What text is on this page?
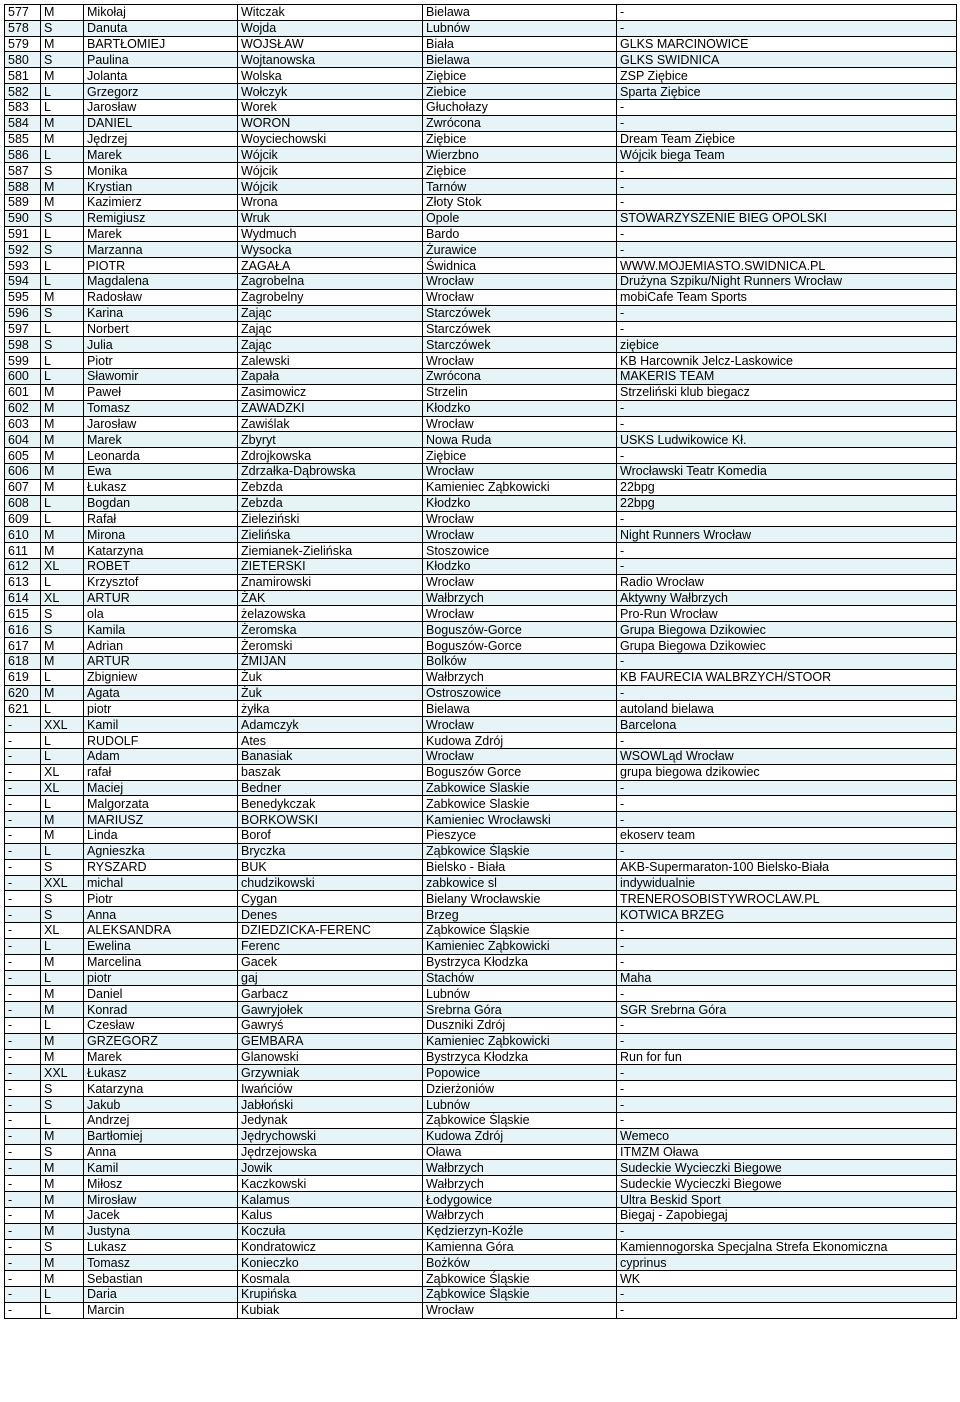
577	M	Mikołaj	Witczak	Bielawa	-
578	S	Danuta	Wojda	Lubnów	-
579	M	BARTŁOMIEJ	WOJSŁAW	Biała	GLKS MARCINOWICE
580	S	Paulina	Wojtanowska	Bielawa	GLKS SWIDNICA
581	M	Jolanta	Wolska	Ziębice	ZSP Ziębice
582	L	Grzegorz	Wołczyk	Ziebice	Sparta Ziębice
583	L	Jarosław	Worek	Głuchołazy	-
584	M	DANIEL	WORON	Zwrócona	-
585	M	Jędrzej	Woyciechowski	Ziębice	Dream Team Ziębice
586	L	Marek	Wójcik	Wierzbno	Wójcik biega Team
587	S	Monika	Wójcik	Ziębice	-
588	M	Krystian	Wójcik	Tarnów	-
589	M	Kazimierz	Wrona	Złoty Stok	-
590	S	Remigiusz	Wruk	Opole	STOWARZYSZENIE BIEG OPOLSKI
591	L	Marek	Wydmuch	Bardo	-
592	S	Marzanna	Wysocka	Żurawice	-
593	L	PIOTR	ZAGAŁA	Świdnica	WWW.MOJEMIASTO.SWIDNICA.PL
594	L	Magdalena	Zagrobelna	Wrocław	Drużyna Szpiku/Night Runners Wrocław
595	M	Radosław	Zagrobelny	Wrocław	mobiCafe Team Sports
596	S	Karina	Zając	Starczówek	-
597	L	Norbert	Zając	Starczówek	-
598	S	Julia	Zając	Starczówek	ziębice
599	L	Piotr	Zalewski	Wrocław	KB Harcownik Jelcz-Laskowice
600	L	Sławomir	Zapała	Zwrócona	MAKERIS TEAM
601	M	Paweł	Zasimowicz	Strzelin	Strzeliński klub biegacz
602	M	Tomasz	ZAWADZKI	Kłodzko	-
603	M	Jarosław	Zawiślak	Wrocław	-
604	M	Marek	Zbyryt	Nowa Ruda	USKS Ludwikowice Kł.
605	M	Leonarda	Zdrojkowska	Ziębice	-
606	M	Ewa	Zdrzałka-Dąbrowska	Wrocław	Wrocławski Teatr Komedia
607	M	Łukasz	Zebzda	Kamieniec Ząbkowicki	22bpg
608	L	Bogdan	Zebzda	Kłodzko	22bpg
609	L	Rafał	Zieleziński	Wrocław	-
610	M	Mirona	Zielińska	Wrocław	Night Runners Wrocław
611	M	Katarzyna	Ziemianek-Zielińska	Stoszowice	-
612	XL	ROBET	ZIETERSKI	Kłodzko	-
613	L	Krzysztof	Znamirowski	Wrocław	Radio Wrocław
614	XL	ARTUR	ŻAK	Wałbrzych	Aktywny Wałbrzych
615	S	ola	żelazowska	Wrocław	Pro-Run Wrocław
616	S	Kamila	Żeromska	Boguszów-Gorce	Grupa Biegowa Dzikowiec
617	M	Adrian	Żeromski	Boguszów-Gorce	Grupa Biegowa Dzikowiec
618	M	ARTUR	ŻMIJAN	Bolków	-
619	L	Zbigniew	Żuk	Wałbrzych	KB FAURECIA WALBRZYCH/STOOR
620	M	Agata	Żuk	Ostroszowice	-
621	L	piotr	żyłka	Bielawa	autoland bielawa
-	XXL	Kamil	Adamczyk	Wrocław	Barcelona
-	L	RUDOLF	Ates	Kudowa Zdrój	-
-	L	Adam	Banasiak	Wrocław	WSOWLąd Wrocław
-	XL	rafał	baszak	Boguszów Gorce	grupa biegowa dzikowiec
-	XL	Maciej	Bedner	Zabkowice Slaskie	-
-	L	Malgorzata	Benedykczak	Zabkowice Slaskie	-
-	M	MARIUSZ	BORKOWSKI	Kamieniec Wrocławski	-
-	M	Linda	Borof	Pieszyce	ekoserv team
-	L	Agnieszka	Bryczka	Ząbkowice Śląskie	-
-	S	RYSZARD	BUK	Bielsko - Biała	AKB-Supermaraton-100 Bielsko-Biała
-	XXL	michal	chudzikowski	zabkowice sl	indywidualnie
-	S	Piotr	Cygan	Bielany Wrocławskie	TRENEROSOBISTYWROCLAW.PL
-	S	Anna	Denes	Brzeg	KOTWICA BRZEG
-	XL	ALEKSANDRA	DZIEDZICKA-FERENC	Ząbkowice Śląskie	-
-	L	Ewelina	Ferenc	Kamieniec Ząbkowicki	-
-	M	Marcelina	Gacek	Bystrzyca Kłodzka	-
-	L	piotr	gaj	Stachów	Maha
-	M	Daniel	Garbacz	Lubnów	-
-	M	Konrad	Gawryjołek	Srebrna Góra	SGR Srebrna Góra
-	L	Czesław	Gawryś	Duszniki Zdrój	-
-	M	GRZEGORZ	GEMBARA	Kamieniec Ząbkowicki	-
-	M	Marek	Glanowski	Bystrzyca Kłodzka	Run for fun
-	XXL	Łukasz	Grzywniak	Popowice	-
-	S	Katarzyna	Iwańciów	Dzierżoniów	-
-	S	Jakub	Jabłoński	Lubnów	-
-	L	Andrzej	Jedynak	Ząbkowice Śląskie	-
-	M	Bartłomiej	Jędrychowski	Kudowa Zdrój	Wemeco
-	S	Anna	Jędrzejowska	Oława	ITMZM Oława
-	M	Kamil	Jowik	Wałbrzych	Sudeckie Wycieczki Biegowe
-	M	Miłosz	Kaczkowski	Wałbrzych	Sudeckie Wycieczki Biegowe
-	M	Mirosław	Kalamus	Łodygowice	Ultra Beskid Sport
-	M	Jacek	Kalus	Wałbrzych	Biegaj - Zapobiegaj
-	M	Justyna	Koczuła	Kędzierzyn-Koźle	-
-	S	Lukasz	Kondratowicz	Kamienna Góra	Kamiennogorska Specjalna Strefa Ekonomiczna
-	M	Tomasz	Konieczko	Bożków	cyprinus
-	M	Sebastian	Kosmala	Ząbkowice Śląskie	WK
-	L	Daria	Krupińska	Ząbkowice Śląskie	-
-	L	Marcin	Kubiak	Wrocław	-
